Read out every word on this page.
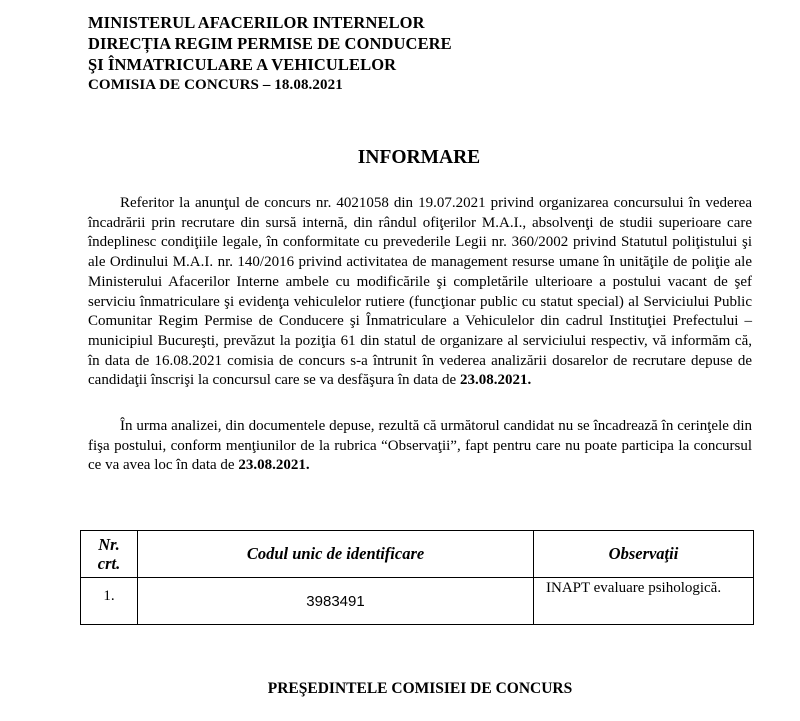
MINISTERUL AFACERILOR INTERNELOR
DIRECȚIA REGIM PERMISE DE CONDUCERE
ŞI ÎNMATRICULARE A VEHICULELOR
COMISIA DE CONCURS – 18.08.2021
INFORMARE
Referitor la anunţul de concurs nr. 4021058 din 19.07.2021 privind organizarea concursului în vederea încadrării prin recrutare din sursă internă, din rândul ofiţerilor M.A.I., absolvenţi de studii superioare care îndeplinesc condiţiile legale, în conformitate cu prevederile Legii nr. 360/2002 privind Statutul poliţistului şi ale Ordinului M.A.I. nr. 140/2016 privind activitatea de management resurse umane în unităţile de poliţie ale Ministerului Afacerilor Interne ambele cu modificările şi completările ulterioare a postului vacant de şef serviciu înmatriculare şi evidenţa vehiculelor rutiere (funcţionar public cu statut special) al Serviciului Public Comunitar Regim Permise de Conducere şi Înmatriculare a Vehiculelor din cadrul Instituţiei Prefectului – municipiul Bucureşti, prevăzut la poziţia 61 din statul de organizare al serviciului respectiv, vă informăm că, în data de 16.08.2021 comisia de concurs s-a întrunit în vederea analizării dosarelor de recrutare depuse de candidaţii înscrişi la concursul care se va desfăşura în data de 23.08.2021.
În urma analizei, din documentele depuse, rezultă că următorul candidat nu se încadrează în cerinţele din fişa postului, conform menţiunilor de la rubrica “Observaţii”, fapt pentru care nu poate participa la concursul ce va avea loc în data de 23.08.2021.
Nr.
crt.	Codul unic de identificare	Observaţii
1.	3983491	INAPT evaluare psihologică.
PREŞEDINTELE COMISIEI DE CONCURS
